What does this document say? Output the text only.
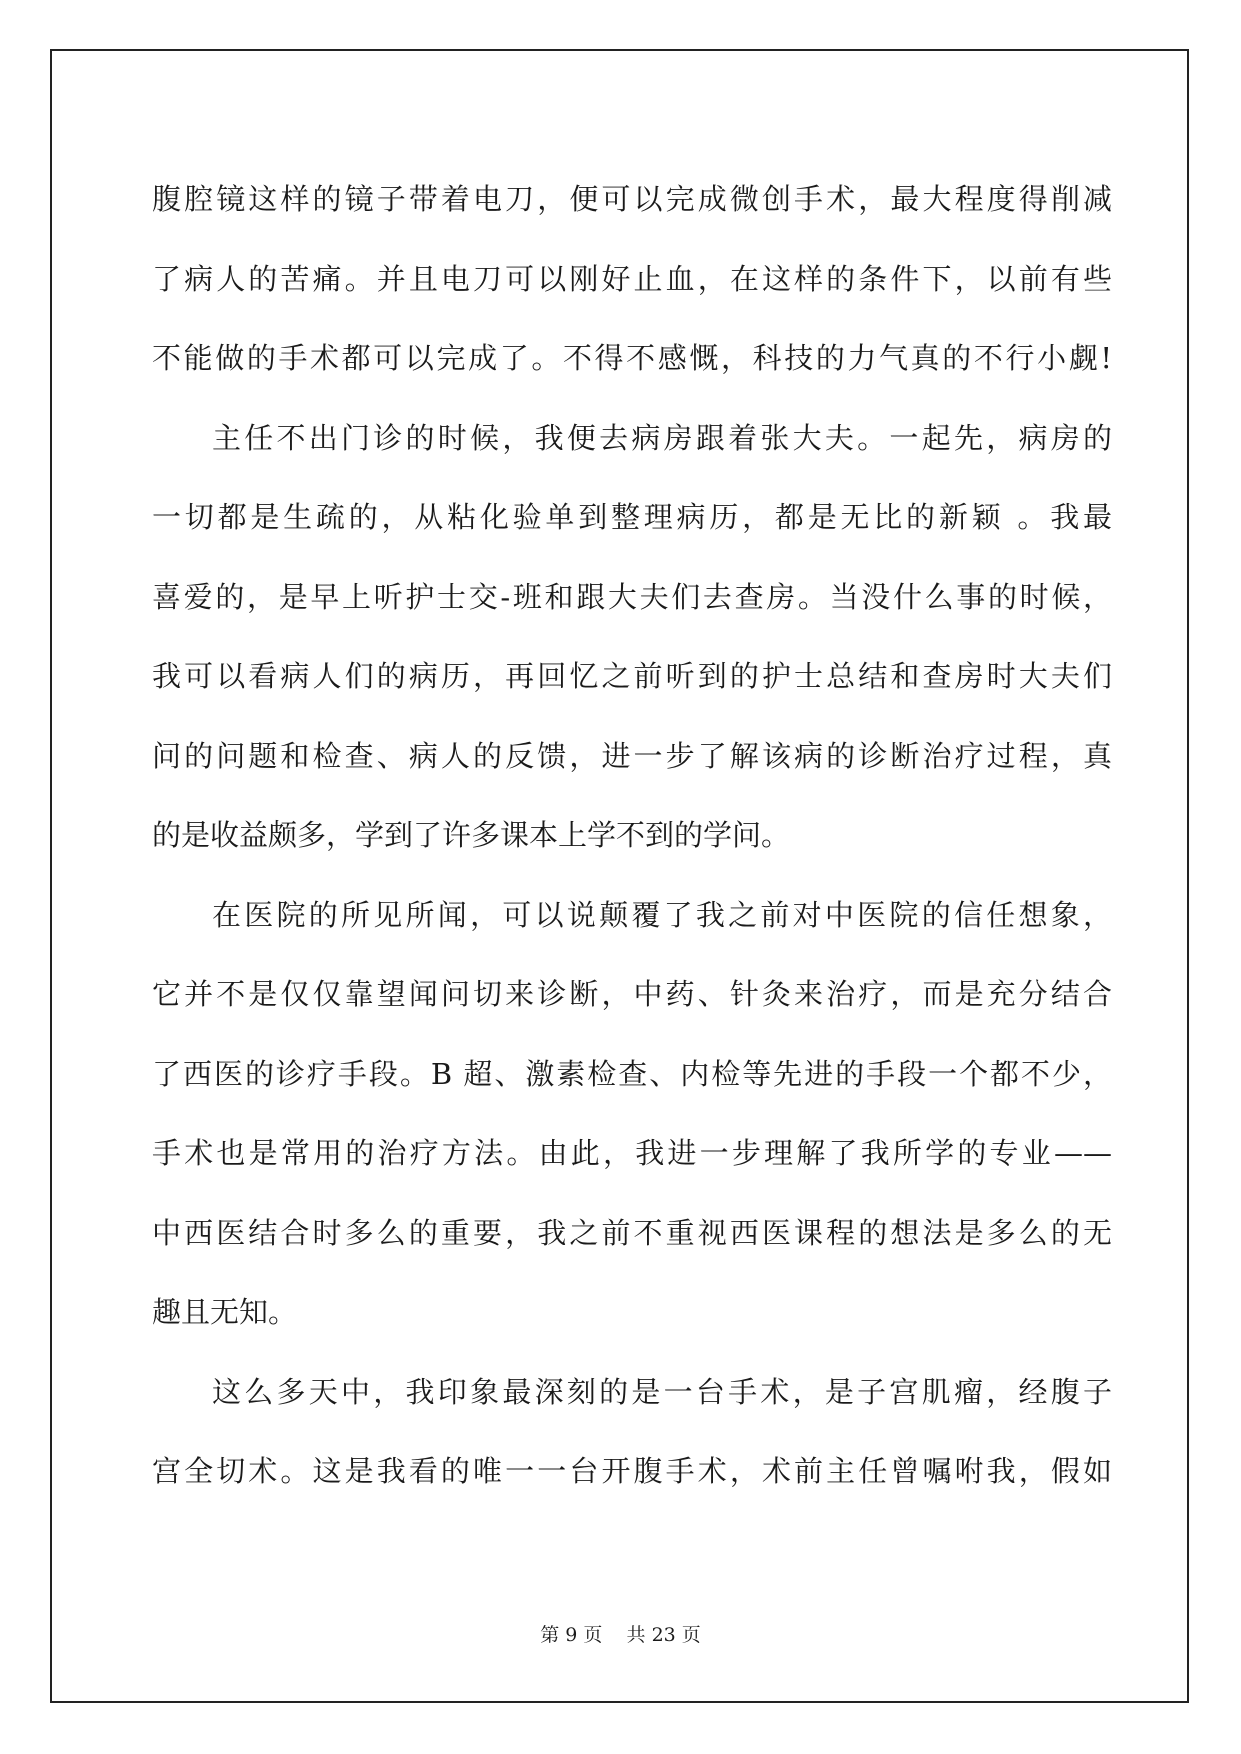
腹腔镜这样的镜子带着电刀，便可以完成微创手术，最大程度得削减
了病人的苦痛。并且电刀可以刚好止血，在这样的条件下，以前有些
不能做的手术都可以完成了。不得不感慨，科技的力气真的不行小觑!
主任不出门诊的时候，我便去病房跟着张大夫。一起先，病房的
一切都是生疏的，从粘化验单到整理病历，都是无比的新颖 。我最
喜爱的，是早上听护士交-班和跟大夫们去查房。当没什么事的时候，
我可以看病人们的病历，再回忆之前听到的护士总结和查房时大夫们
问的问题和检查、病人的反馈，进一步了解该病的诊断治疗过程，真
的是收益颇多，学到了许多课本上学不到的学问。
在医院的所见所闻，可以说颠覆了我之前对中医院的信任想象，
它并不是仅仅靠望闻问切来诊断，中药、针灸来治疗，而是充分结合
了西医的诊疗手段。B 超、激素检查、内检等先进的手段一个都不少，
手术也是常用的治疗方法。由此，我进一步理解了我所学的专业——
中西医结合时多么的重要，我之前不重视西医课程的想法是多么的无
趣且无知。
这么多天中，我印象最深刻的是一台手术，是子宫肌瘤，经腹子
宫全切术。这是我看的唯一一台开腹手术，术前主任曾嘱咐我，假如
第 9 页    共 23 页
